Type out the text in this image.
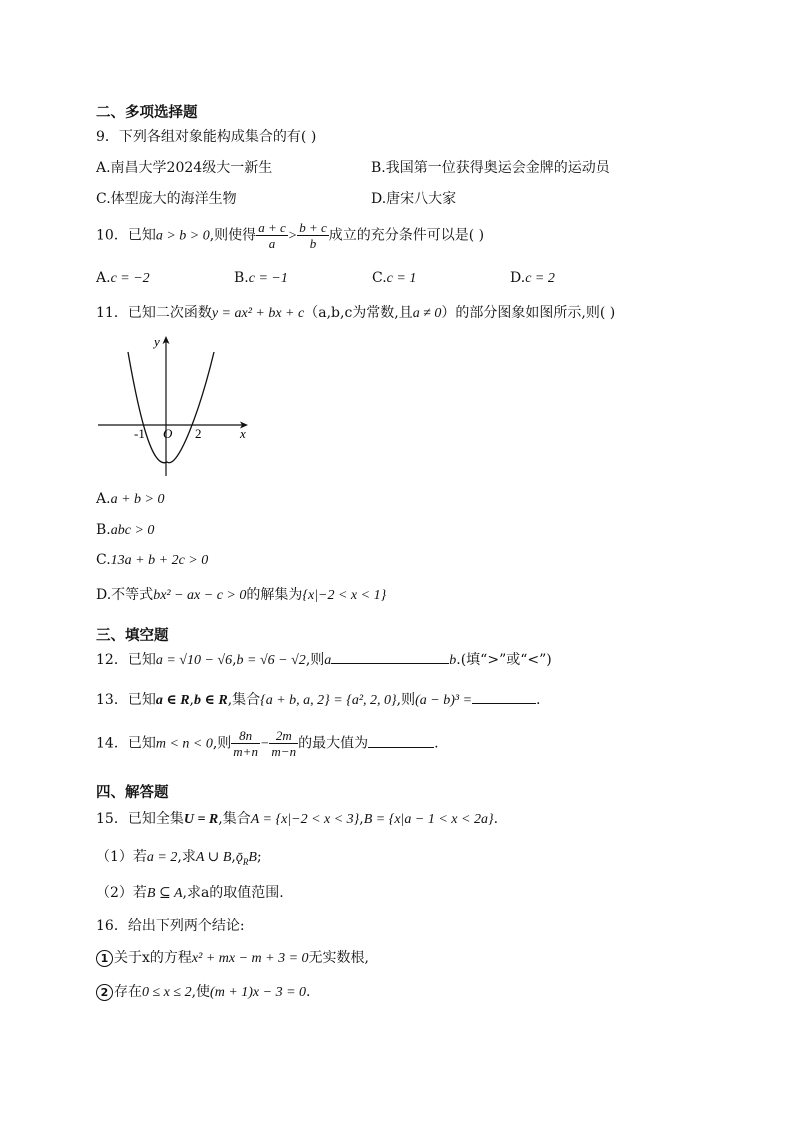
二、多项选择题
9．下列各组对象能构成集合的有( )
A.南昌大学2024级大一新生	B.我国第一位获得奥运会金牌的运动员
C.体型庞大的海洋生物	D.唐宋八大家
10．已知a > b > 0,则使得 $\frac{a + c}{a} > \frac{b + c}{b}$ 成立的充分条件可以是( )
A.c = −2	B.c = −1	C.c = 1	D.c = 2
11．已知二次函数y = ax² + bx + c（a,b,c为常数,且a ≠ 0）的部分图象如图所示,则( )
y
x
O
-1	2
A.a + b > 0
B.abc > 0
C.13a + b + 2c > 0
D.不等式bx² − ax − c > 0的解集为{x|−2 < x < 1}
三、填空题
12．已知a = √10 − √6,b = √6 − √2,则a	b.(填“>”或“<”)
13．已知a ∈ R,b ∈ R,集合{a + b, a, 2} = {a², 2, 0},则(a − b)³ =	.
14．已知m < n < 0,则 $\frac{8n}{m+n} - \frac{2m}{m-n}$ 的最大值为	.
四、解答题
15．已知全集U = R,集合A = {x|−2 < x < 3},B = {x|a − 1 < x < 2a}.
（1）若a = 2,求A ∪ $B,ǭ_RB$;
（2）若B ⊆ A,求a的取值范围.
16．给出下列两个结论:
1 关于x的方程x² + mx − m + 3 = 0无实数根,
2 存在0 ≤ x ≤ 2,使(m + 1)x − 3 = 0.
